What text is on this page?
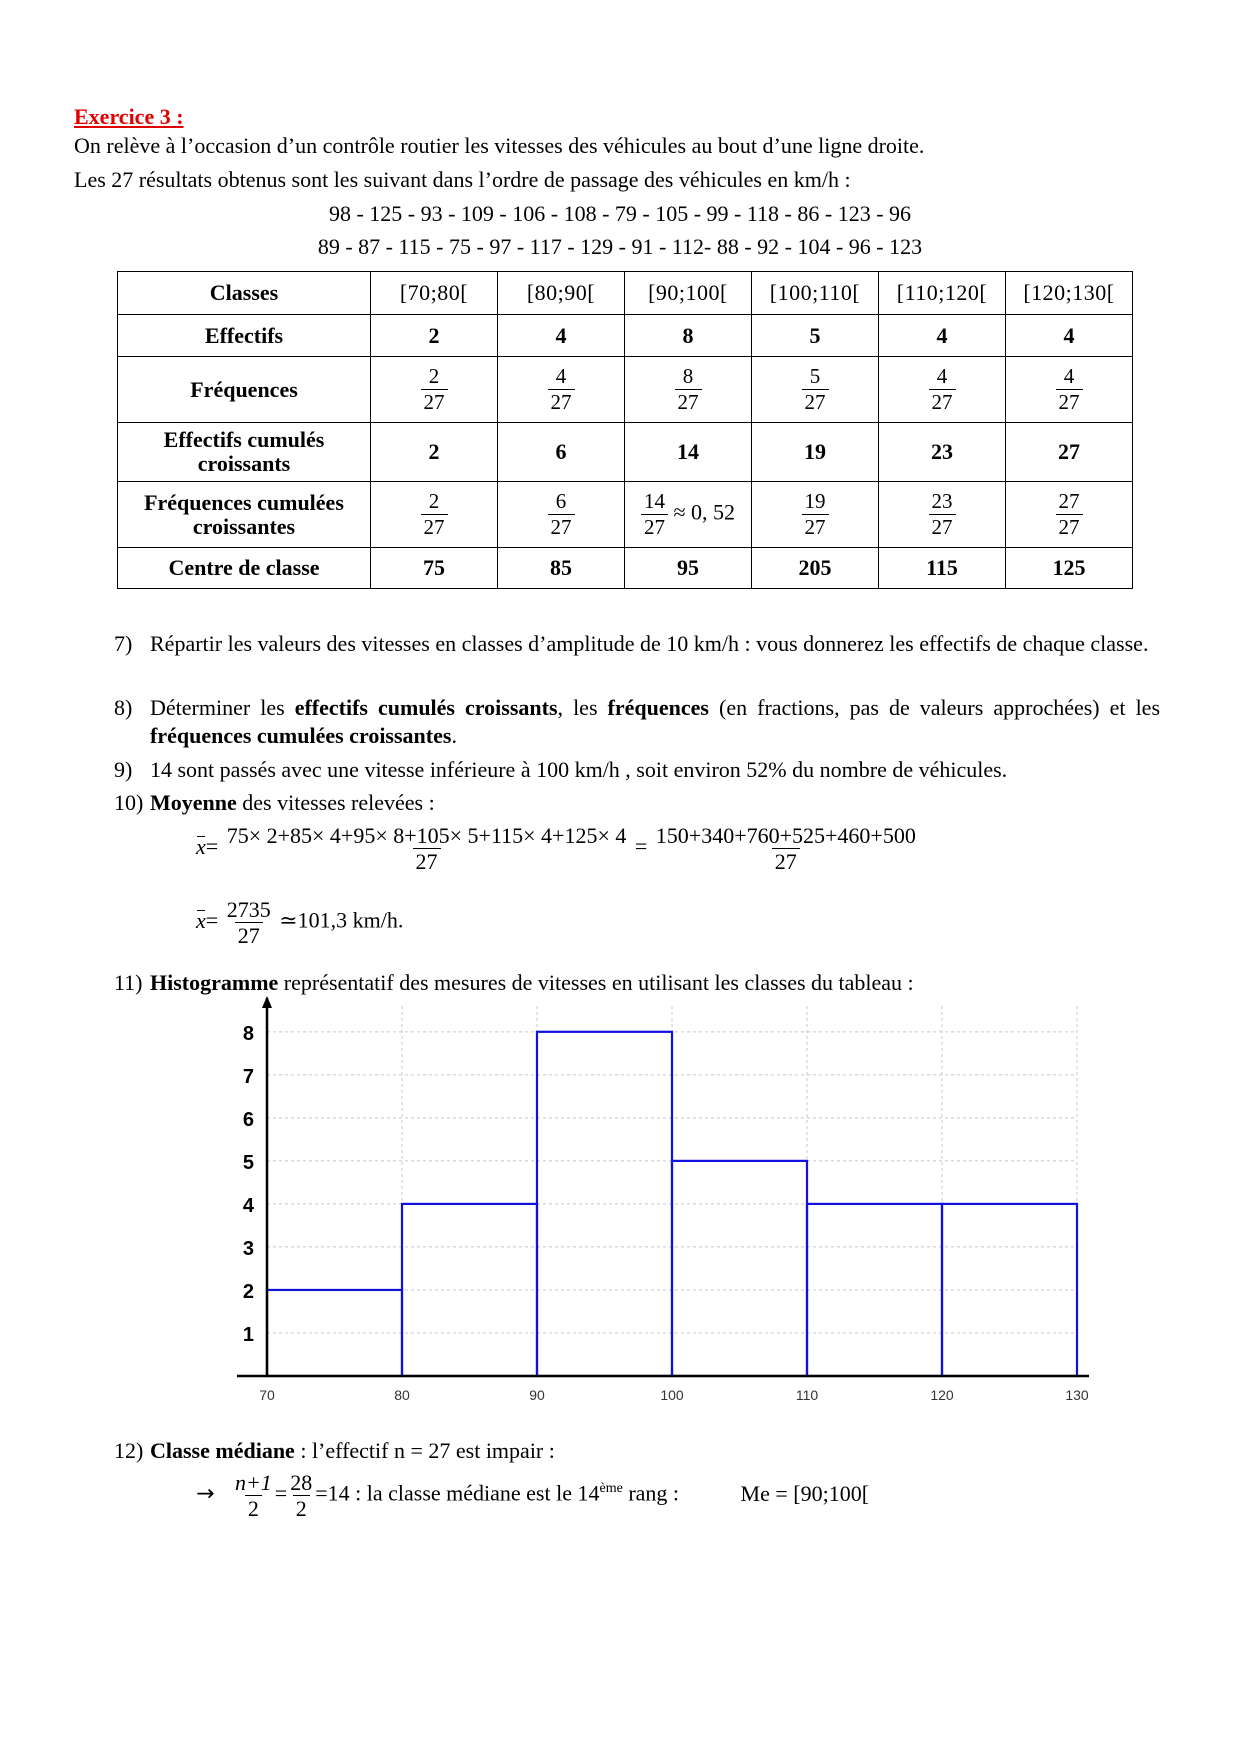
Exercice 3 :
On relève à l’occasion d’un contrôle routier les vitesses des véhicules au bout d’une ligne droite.
Les 27 résultats obtenus sont les suivant dans l’ordre de passage des véhicules en km/h :
98 - 125 - 93 - 109 - 106 - 108 - 79 - 105 - 99 - 118 - 86 - 123 - 96
89 - 87 - 115 - 75 - 97 - 117 - 129 - 91 - 112- 88 - 92 - 104 - 96 - 123
Classes	[70;80[	[80;90[	[90;100[	[100;110[	[110;120[	[120;130[
Effectifs	2	4	8	5	4	4
Fréquences	$\frac{2}{27}$	$\frac{4}{27}$	$\frac{8}{27}$	$\frac{5}{27}$	$\frac{4}{27}$	$\frac{4}{27}$

Effectifs cumulés croissants	2	6	14	19	23	27
Fréquences cumulées croissantes	$\frac{2}{27}$	$\frac{6}{27}$	$\frac{14}{27} \approx 0$, 52	$\frac{19}{27}$	$\frac{23}{27}$	$\frac{27}{27}$

Centre de classe	75	85	95	205	115	125
7) Répartir les valeurs des vitesses en classes d’amplitude de 10 km/h : vous donnerez les effectifs de chaque classe.
8) Déterminer les effectifs cumulés croissants, les fréquences (en fractions, pas de valeurs approchées) et les fréquences cumulées croissantes.
9) 14 sont passés avec une vitesse inférieure à 100 km/h , soit environ 52% du nombre de véhicules.
10) Moyenne des vitesses relevées :
$x= \frac{75\times 2+85\times 4+95\times 8+105\times 5+115\times 4+125\times 4}{27} = \frac{150+340+760+525+460+500}{27}$
$x= \frac{2735}{27}$ ≃101,3 km/h.
11) Histogramme représentatif des mesures de vitesses en utilisant les classes du tableau :
1
2
3
4
5
6
7
8
70	80	90	100	110	120	130
12) Classe médiane : l’effectif n = 27 est impair :
→ $\frac{n+1}{2} = \frac{28}{2} =14$ : la classe médiane est le 14ème rang :	Me = [90;100[
